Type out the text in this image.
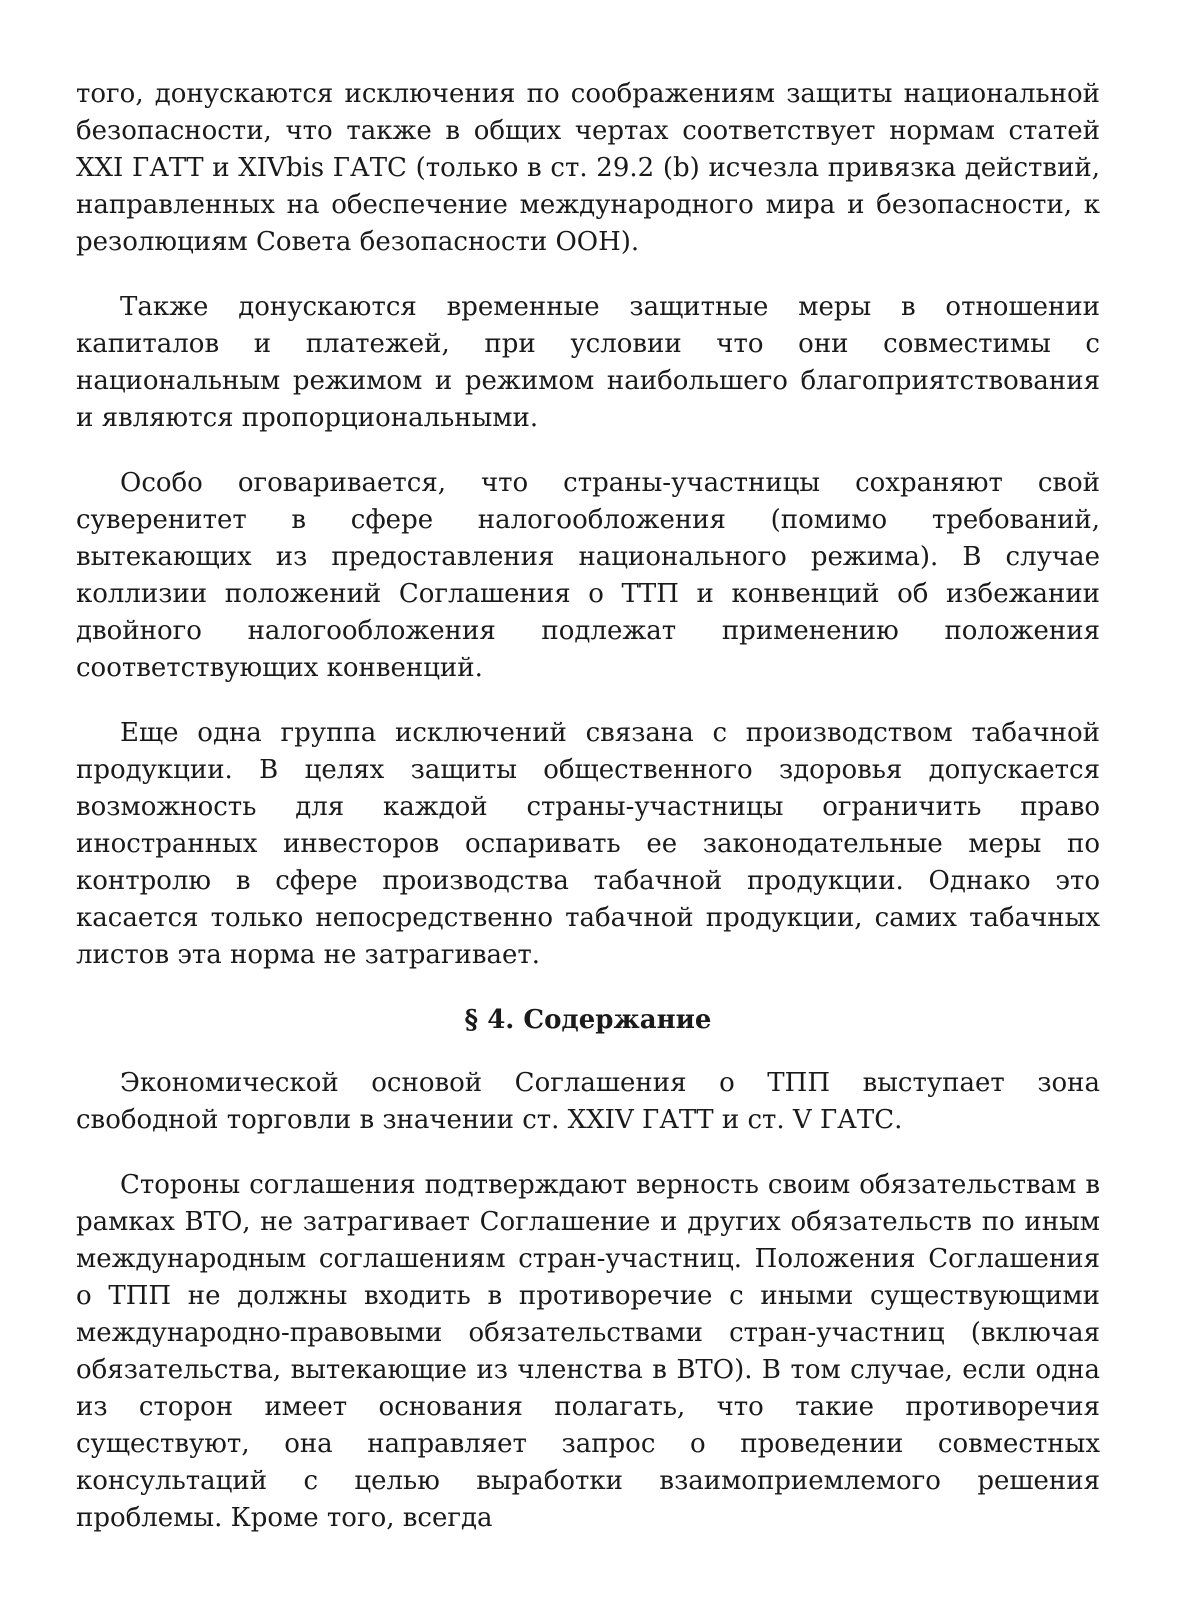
того, донускаются исключения по соображениям защиты национальной безопасности, что также в общих чертах соответствует нормам статей XXI ГАТТ и XIVbis ГАТС (только в ст. 29.2 (b) исчезла привязка действий, направленных на обеспечение международного мира и безопасности, к резолюциям Совета безопасности ООН).

Также донускаются временные защитные меры в отношении капиталов и платежей, при условии что они совместимы с национальным режимом и режимом наибольшего благоприятствования и являются пропорциональными.

Особо оговаривается, что страны-участницы сохраняют свой суверенитет в сфере налогообложения (помимо требований, вытекающих из предоставления национального режима). В случае коллизии положений Соглашения о ТТП и конвенций об избежании двойного налогообложения подлежат применению положения соответствующих конвенций.

Еще одна группа исключений связана с производством табачной продукции. В целях защиты общественного здоровья допускается возможность для каждой страны-участницы ограничить право иностранных инвесторов оспаривать ее законодательные меры по контролю в сфере производства табачной продукции. Однако это касается только непосредственно табачной продукции, самих табачных листов эта норма не затрагивает.

§ 4. Содержание

Экономической основой Соглашения о ТПП выступает зона свободной торговли в значении ст. XXIV ГАТТ и ст. V ГАТС.

Стороны соглашения подтверждают верность своим обязательствам в рамках ВТО, не затрагивает Соглашение и других обязательств по иным международным соглашениям стран-участниц. Положения Соглашения о ТПП не должны входить в противоречие с иными существующими международно-правовыми обязательствами стран-участниц (включая обязательства, вытекающие из членства в ВТО). В том случае, если одна из сторон имеет основания полагать, что такие противоречия существуют, она направляет запрос о проведении совместных консультаций с целью выработки взаимоприемлемого решения проблемы. Кроме того, всегда
